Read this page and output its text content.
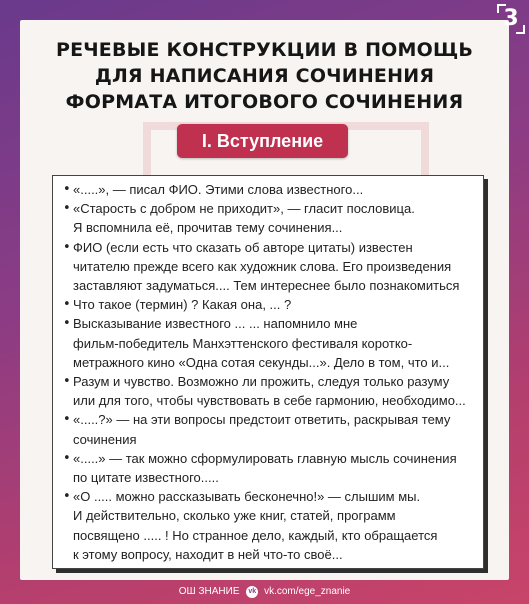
3
РЕЧЕВЫЕ КОНСТРУКЦИИ В ПОМОЩЬ
ДЛЯ НАПИСАНИЯ СОЧИНЕНИЯ
ФОРМАТА ИТОГОВОГО СОЧИНЕНИЯ
I. Вступление
• «.....», — писал ФИО. Этими слова известного...
• «Старость с добром не приходит», — гласит пословица.
Я вспомнила её, прочитав тему сочинения...
• ФИО (если есть что сказать об авторе цитаты) известен
читателю прежде всего как художник слова. Его произведения
заставляют задуматься.... Тем интереснее было познакомиться
• Что такое (термин) ? Какая она, ... ?
• Высказывание известного ... ... напомнило мне
фильм-победитель Манхэттенского фестиваля коротко-
метражного кино «Одна сотая секунды...». Дело в том, что и...
• Разум и чувство. Возможно ли прожить, следуя только разуму
или для того, чтобы чувствовать в себе гармонию, необходимо...
• «.....?» — на эти вопросы предстоит ответить, раскрывая тему
сочинения
• «.....» — так можно сформулировать главную мысль сочинения
по цитате известного.....
• «О ..... можно рассказывать бесконечно!» — слышим мы.
И действительно, сколько уже книг, статей, программ
посвящено ..... ! Но странное дело, каждый, кто обращается
к этому вопросу, находит в ней что-то своё...
ОШ ЗНАНИЕ vk vk.com/ege_znanie
